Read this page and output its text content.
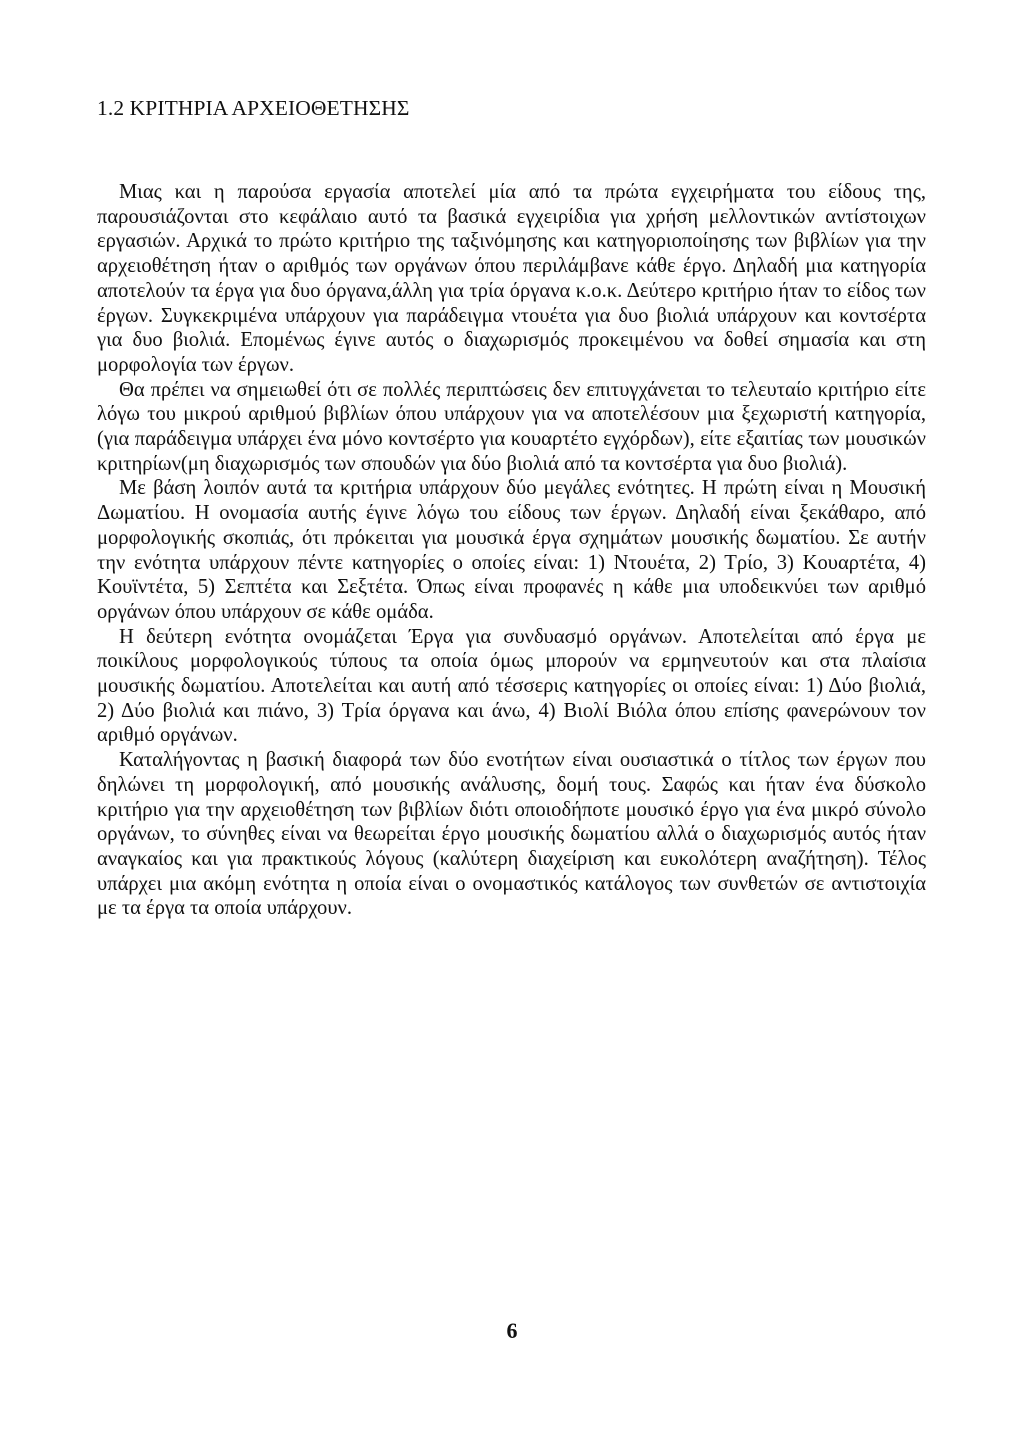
1.2 ΚΡΙΤΗΡΙΑ ΑΡΧΕΙΟΘΕΤΗΣΗΣ

Μιας και η παρούσα εργασία αποτελεί μία από τα πρώτα εγχειρήματα του είδους της, παρουσιάζονται στο κεφάλαιο αυτό τα βασικά εγχειρίδια για χρήση μελλοντικών αντίστοιχων εργασιών. Αρχικά το πρώτο κριτήριο της ταξινόμησης και κατηγοριοποίησης των βιβλίων για την αρχειοθέτηση ήταν ο αριθμός των οργάνων όπου περιλάμβανε κάθε έργο. Δηλαδή μια κατηγορία αποτελούν τα έργα για δυο όργανα,άλλη για τρία όργανα κ.ο.κ. Δεύτερο κριτήριο ήταν το είδος των έργων. Συγκεκριμένα υπάρχουν για παράδειγμα ντουέτα για δυο βιολιά υπάρχουν και κοντσέρτα για δυο βιολιά. Επομένως έγινε αυτός ο διαχωρισμός προκειμένου να δοθεί σημασία και στη μορφολογία των έργων.

Θα πρέπει να σημειωθεί ότι σε πολλές περιπτώσεις δεν επιτυγχάνεται το τελευταίο κριτήριο είτε λόγω του μικρού αριθμού βιβλίων όπου υπάρχουν για να αποτελέσουν μια ξεχωριστή κατηγορία, (για παράδειγμα υπάρχει ένα μόνο κοντσέρτο για κουαρτέτο εγχόρδων), είτε εξαιτίας των μουσικών κριτηρίων(μη διαχωρισμός των σπουδών για δύο βιολιά από τα κοντσέρτα για δυο βιολιά).

Με βάση λοιπόν αυτά τα κριτήρια υπάρχουν δύο μεγάλες ενότητες. Η πρώτη είναι η Μουσική Δωματίου. Η ονομασία αυτής έγινε λόγω του είδους των έργων. Δηλαδή είναι ξεκάθαρο, από μορφολογικής σκοπιάς, ότι πρόκειται για μουσικά έργα σχημάτων μουσικής δωματίου. Σε αυτήν την ενότητα υπάρχουν πέντε κατηγορίες ο οποίες είναι: 1) Ντουέτα, 2) Τρίο, 3) Κουαρτέτα, 4) Κουϊντέτα, 5) Σεπτέτα και Σεξτέτα. Όπως είναι προφανές η κάθε μια υποδεικνύει των αριθμό οργάνων όπου υπάρχουν σε κάθε ομάδα.

Η δεύτερη ενότητα ονομάζεται Έργα για συνδυασμό οργάνων. Αποτελείται από έργα με ποικίλους μορφολογικούς τύπους τα οποία όμως μπορούν να ερμηνευτούν και στα πλαίσια μουσικής δωματίου. Αποτελείται και αυτή από τέσσερις κατηγορίες οι οποίες είναι: 1) Δύο βιολιά, 2) Δύο βιολιά και πιάνο, 3) Τρία όργανα και άνω, 4) Βιολί Βιόλα όπου επίσης φανερώνουν τον αριθμό οργάνων.

Καταλήγοντας η βασική διαφορά των δύο ενοτήτων είναι ουσιαστικά ο τίτλος των έργων που δηλώνει τη μορφολογική, από μουσικής ανάλυσης, δομή τους. Σαφώς και ήταν ένα δύσκολο κριτήριο για την αρχειοθέτηση των βιβλίων διότι οποιοδήποτε μουσικό έργο για ένα μικρό σύνολο οργάνων, το σύνηθες είναι να θεωρείται έργο μουσικής δωματίου αλλά ο διαχωρισμός αυτός ήταν αναγκαίος και για πρακτικούς λόγους (καλύτερη διαχείριση και ευκολότερη αναζήτηση). Τέλος υπάρχει μια ακόμη ενότητα η οποία είναι ο ονομαστικός κατάλογος των συνθετών σε αντιστοιχία με τα έργα τα οποία υπάρχουν.

6
